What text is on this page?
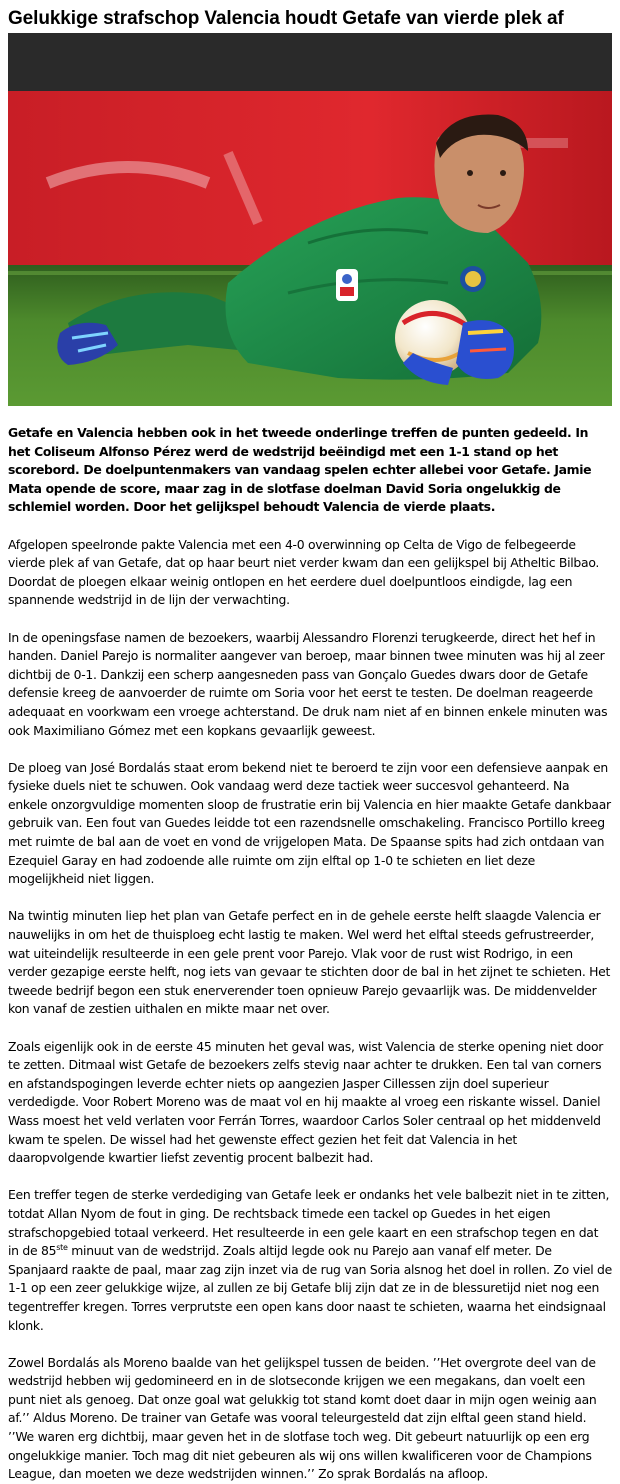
Gelukkige strafschop Valencia houdt Getafe van vierde plek af

Getafe en Valencia hebben ook in het tweede onderlinge treffen de punten gedeeld. In het Coliseum Alfonso Pérez werd de wedstrijd beëindigd met een 1-1 stand op het scorebord. De doelpuntenmakers van vandaag spelen echter allebei voor Getafe. Jamie Mata opende de score, maar zag in de slotfase doelman David Soria ongelukkig de schlemiel worden. Door het gelijkspel behoudt Valencia de vierde plaats.

Afgelopen speelronde pakte Valencia met een 4-0 overwinning op Celta de Vigo de felbegeerde vierde plek af van Getafe, dat op haar beurt niet verder kwam dan een gelijkspel bij Atheltic Bilbao. Doordat de ploegen elkaar weinig ontlopen en het eerdere duel doelpuntloos eindigde, lag een spannende wedstrijd in de lijn der verwachting.

In de openingsfase namen de bezoekers, waarbij Alessandro Florenzi terugkeerde, direct het hef in handen. Daniel Parejo is normaliter aangever van beroep, maar binnen twee minuten was hij al zeer dichtbij de 0-1. Dankzij een scherp aangesneden pass van Gonçalo Guedes dwars door de Getafe defensie kreeg de aanvoerder de ruimte om Soria voor het eerst te testen. De doelman reageerde adequaat en voorkwam een vroege achterstand. De druk nam niet af en binnen enkele minuten was ook Maximiliano Gómez met een kopkans gevaarlijk geweest.

De ploeg van José Bordalás staat erom bekend niet te beroerd te zijn voor een defensieve aanpak en fysieke duels niet te schuwen. Ook vandaag werd deze tactiek weer succesvol gehanteerd. Na enkele onzorgvuldige momenten sloop de frustratie erin bij Valencia en hier maakte Getafe dankbaar gebruik van. Een fout van Guedes leidde tot een razendsnelle omschakeling. Francisco Portillo kreeg met ruimte de bal aan de voet en vond de vrijgelopen Mata. De Spaanse spits had zich ontdaan van Ezequiel Garay en had zodoende alle ruimte om zijn elftal op 1-0 te schieten en liet deze mogelijkheid niet liggen.

Na twintig minuten liep het plan van Getafe perfect en in de gehele eerste helft slaagde Valencia er nauwelijks in om het de thuisploeg echt lastig te maken. Wel werd het elftal steeds gefrustreerder, wat uiteindelijk resulteerde in een gele prent voor Parejo. Vlak voor de rust wist Rodrigo, in een verder gezapige eerste helft, nog iets van gevaar te stichten door de bal in het zijnet te schieten. Het tweede bedrijf begon een stuk enerverender toen opnieuw Parejo gevaarlijk was. De middenvelder kon vanaf de zestien uithalen en mikte maar net over.

Zoals eigenlijk ook in de eerste 45 minuten het geval was, wist Valencia de sterke opening niet door te zetten. Ditmaal wist Getafe de bezoekers zelfs stevig naar achter te drukken. Een tal van corners en afstandspogingen leverde echter niets op aangezien Jasper Cillessen zijn doel superieur verdedigde. Voor Robert Moreno was de maat vol en hij maakte al vroeg een riskante wissel. Daniel Wass moest het veld verlaten voor Ferrán Torres, waardoor Carlos Soler centraal op het middenveld kwam te spelen. De wissel had het gewenste effect gezien het feit dat Valencia in het daaropvolgende kwartier liefst zeventig procent balbezit had.

Een treffer tegen de sterke verdediging van Getafe leek er ondanks het vele balbezit niet in te zitten, totdat Allan Nyom de fout in ging. De rechtsback timede een tackel op Guedes in het eigen strafschopgebied totaal verkeerd. Het resulteerde in een gele kaart en een strafschop tegen en dat in de 85ste minuut van de wedstrijd. Zoals altijd legde ook nu Parejo aan vanaf elf meter. De Spanjaard raakte de paal, maar zag zijn inzet via de rug van Soria alsnog het doel in rollen. Zo viel de 1-1 op een zeer gelukkige wijze, al zullen ze bij Getafe blij zijn dat ze in de blessuretijd niet nog een tegentreffer kregen. Torres verprutste een open kans door naast te schieten, waarna het eindsignaal klonk.

Zowel Bordalás als Moreno baalde van het gelijkspel tussen de beiden. ’’Het overgrote deel van de wedstrijd hebben wij gedomineerd en in de slotseconde krijgen we een megakans, dan voelt een punt niet als genoeg. Dat onze goal wat gelukkig tot stand komt doet daar in mijn ogen weinig aan af.’’ Aldus Moreno. De trainer van Getafe was vooral teleurgesteld dat zijn elftal geen stand hield. ’’We waren erg dichtbij, maar geven het in de slotfase toch weg. Dit gebeurt natuurlijk op een erg ongelukkige manier. Toch mag dit niet gebeuren als wij ons willen kwalificeren voor de Champions League, dan moeten we deze wedstrijden winnen.’’ Zo sprak Bordalás na afloop.
